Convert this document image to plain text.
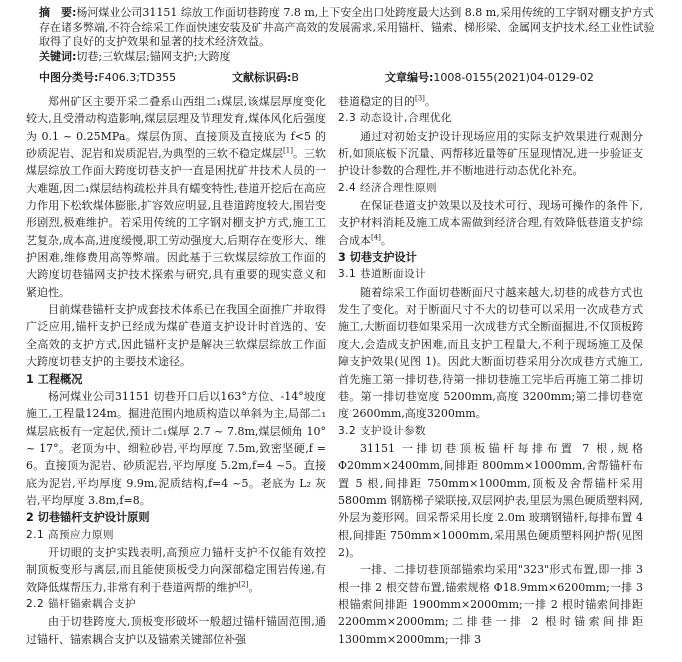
摘　要:杨河煤业公司31151 综放工作面切巷跨度 7.8 m,上下安全出口处跨度最大达到 8.8 m,采用传统的工字钢对棚支护方式存在诸多弊端,不符合综采工作面快速安装及矿井高产高效的发展需求,采用锚杆、锚索、梯形梁、金属网支护技术,经工业性试验取得了良好的支护效果和显著的技术经济效益。
关键词:切巷;三软煤层;锚网支护;大跨度
中图分类号:F406.3;TD355	文献标识码:B	文章编号:1008-0155(2021)04-0129-02

郑州矿区主要开采二叠系山西组二₁煤层,该煤层厚度变化较大,且受滑动构造影响,煤层层理及节理发育,煤体风化后强度为 0.1 ~ 0.25MPa。煤层伪顶、直接顶及直接底为 f<5 的砂质泥岩、泥岩和炭质泥岩,为典型的三软不稳定煤层[1]。三软煤层综放工作面大跨度切巷支护一直是困扰矿井技术人员的一大难题,因二₁煤层结构疏松并具有蠕变特性,巷道开挖后在高应力作用下松软煤体膨胀,扩容效应明显,且巷道跨度较大,围岩变形剧烈,极难维护。若采用传统的工字钢对棚支护方式,施工工艺复杂,成本高,进度缓慢,职工劳动强度大,后期存在变形大、维护困难,维修费用高等弊端。因此基于三软煤层综放工作面的大跨度切巷锚网支护技术探索与研究,具有重要的现实意义和紧迫性。

目前煤巷锚杆支护成套技术体系已在我国全面推广并取得广泛应用,锚杆支护已经成为煤矿巷道支护设计时首选的、安全高效的支护方式,因此锚杆支护是解决三软煤层综放工作面大跨度切巷支护的主要技术途径。

1 工程概况

杨河煤业公司31151 切巷开口后以163°方位、-14°坡度施工,工程量124m。掘进范围内地质构造以单斜为主,局部二₁煤层底板有一定起伏,预计二₁煤厚 2.7 ~ 7.8m,煤层倾角 10° ~ 17°。老顶为中、细粒砂岩,平均厚度 7.5m,致密坚硬,f = 6。直接顶为泥岩、砂质泥岩,平均厚度 5.2m,f=4 ~5。直接底为泥岩,平均厚度 9.9m,泥质结构,f=4 ~5。老底为 L₂ 灰岩,平均厚度 3.8m,f=8。

2 切巷锚杆支护设计原则
2.1 高预应力原则

开切眼的支护实践表明,高预应力锚杆支护不仅能有效控制顶板变形与离层,而且能使顶板受力向深部稳定围岩传递,有效降低煤帮压力,非常有利于巷道两帮的维护[2]。

2.2 锚杆锚索耦合支护

由于切巷跨度大,顶板变形破坏一般超过锚杆锚固范围,通过锚杆、锚索耦合支护以及锚索关键部位补强

巷道稳定的目的[3]。

2.3 动态设计,合理优化

通过对初始支护设计现场应用的实际支护效果进行观测分析,如顶底板下沉量、两帮移近量等矿压显现情况,进一步验证支护设计参数的合理性,并不断地进行动态优化补充。

2.4 经济合理性原则

在保证巷道支护效果以及技术可行、现场可操作的条件下,支护材料消耗及施工成本需做到经济合理,有效降低巷道支护综合成本[4]。

3 切巷支护设计
3.1 巷道断面设计

随着综采工作面切巷断面尺寸越来越大,切巷的成巷方式也发生了变化。对于断面尺寸不大的切巷可以采用一次成巷方式施工,大断面切巷如果采用一次成巷方式全断面掘进,不仅顶板跨度大,会造成支护困难,而且支护工程量大,不利于现场施工及保障支护效果(见图 1)。因此大断面切巷采用分次成巷方式施工,首先施工第一排切巷,待第一排切巷施工完毕后再施工第二排切巷。第一排切巷宽度 5200mm,高度 3200mm;第二排切巷宽度 2600mm,高度3200mm。

3.2 支护设计参数

31151 一排切巷顶板锚杆每排布置 7 根,规格Φ20mm×2400mm,间排距 800mm×1000mm,舍帮锚杆布置 5 根,间排距 750mm×1000mm,顶板及舍帮锚杆采用5800mm 钢筋梯子梁联接,双层网护表,里层为黑色硬质塑料网,外层为菱形网。回采帮采用长度 2.0m 玻璃钢锚杆,每排布置 4 根,间排距 750mm×1000mm,采用黑色硬质塑料网护帮(见图2)。

一排、二排切巷顶部锚索均采用"323"形式布置,即一排 3 根一排 2 根交替布置,锚索规格 Φ18.9mm×6200mm;一排 3 根锚索间排距 1900mm×2000mm;一排 2 根时锚索间排距 2200mm×2000mm;二排巷一排 2 根时锚索间排距 1300mm×2000mm;一排 3
